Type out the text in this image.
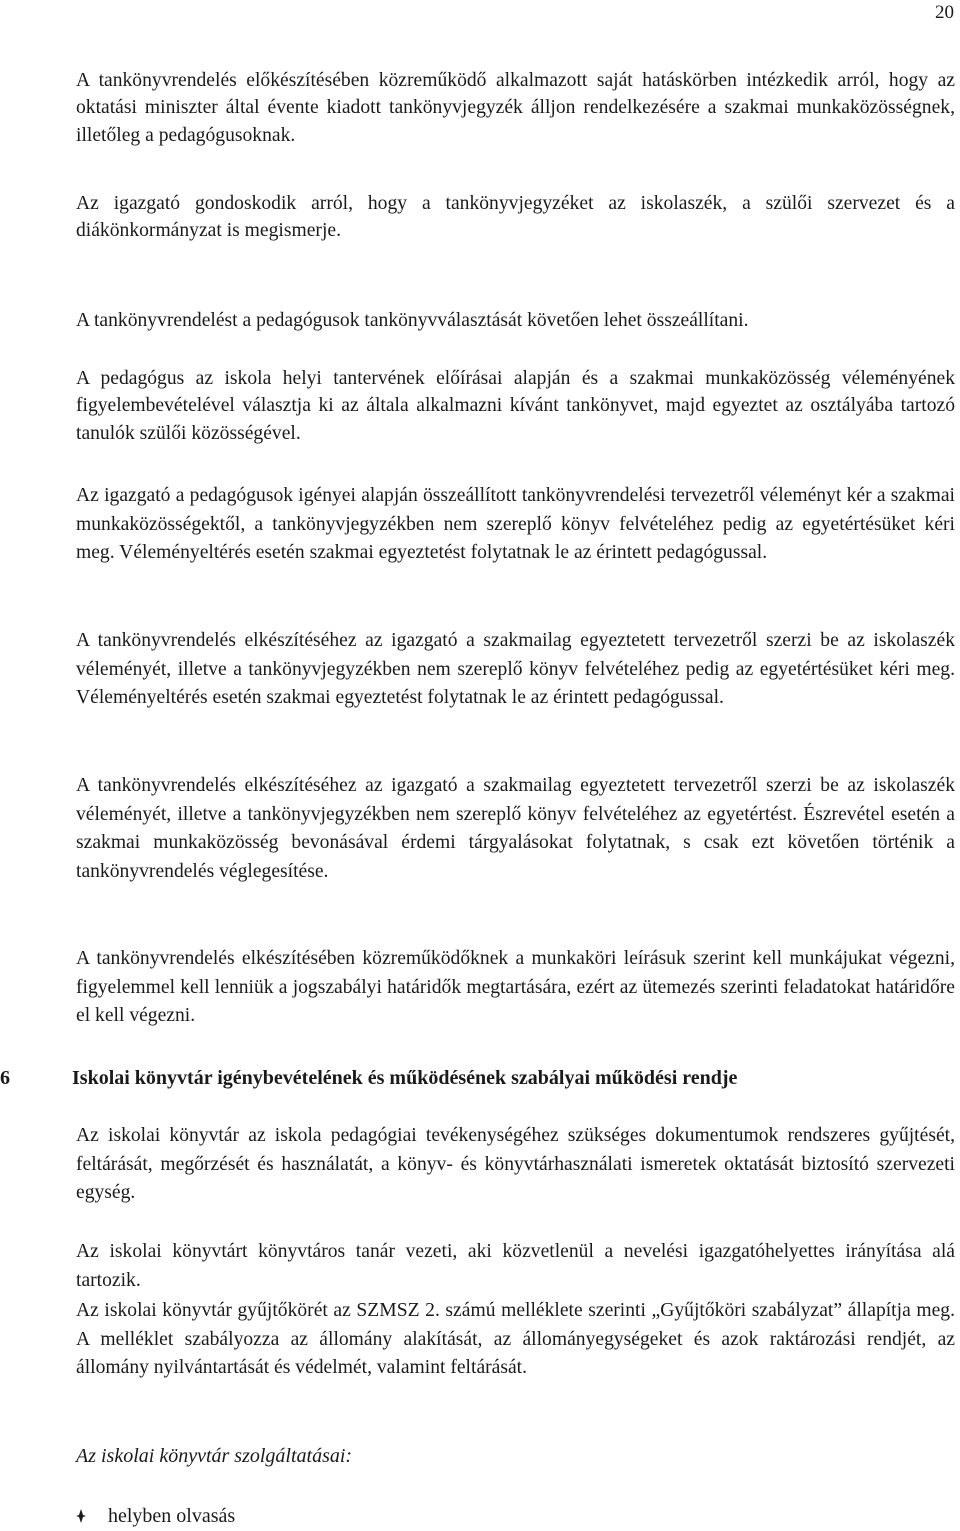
20

A tankönyvrendelés előkészítésében közreműködő alkalmazott saját hatáskörben intézkedik arról, hogy az oktatási miniszter által évente kiadott tankönyvjegyzék álljon rendelkezésére a szakmai munkaközösségnek, illetőleg a pedagógusoknak.

Az igazgató gondoskodik arról, hogy a tankönyvjegyzéket az iskolaszék, a szülői szervezet és a diákönkormányzat is megismerje.

A tankönyvrendelést a pedagógusok tankönyvválasztását követően lehet összeállítani.

A pedagógus az iskola helyi tantervének előírásai alapján és a szakmai munkaközösség véleményének figyelembevételével választja ki az általa alkalmazni kívánt tankönyvet, majd egyeztet az osztályába tartozó tanulók szülői közösségével.

Az igazgató a pedagógusok igényei alapján összeállított tankönyvrendelési tervezetről véleményt kér a szakmai munkaközösségektől, a tankönyvjegyzékben nem szereplő könyv felvételéhez pedig az egyetértésüket kéri meg. Véleményeltérés esetén szakmai egyeztetést folytatnak le az érintett pedagógussal.

A tankönyvrendelés elkészítéséhez az igazgató a szakmailag egyeztetett tervezetről szerzi be az iskolaszék véleményét, illetve a tankönyvjegyzékben nem szereplő könyv felvételéhez pedig az egyetértésüket kéri meg. Véleményeltérés esetén szakmai egyeztetést folytatnak le az érintett pedagógussal.

A tankönyvrendelés elkészítéséhez az igazgató a szakmailag egyeztetett tervezetről szerzi be az iskolaszék véleményét, illetve a tankönyvjegyzékben nem szereplő könyv felvételéhez az egyetértést. Észrevétel esetén a szakmai munkaközösség bevonásával érdemi tárgyalásokat folytatnak, s csak ezt követően történik a tankönyvrendelés véglegesítése.

A tankönyvrendelés elkészítésében közreműködőknek a munkaköri leírásuk szerint kell munkájukat végezni, figyelemmel kell lenniük a jogszabályi határidők megtartására, ezért az ütemezés szerinti feladatokat határidőre el kell végezni.

6	Iskolai könyvtár igénybevételének és működésének szabályai működési rendje

Az iskolai könyvtár az iskola pedagógiai tevékenységéhez szükséges dokumentumok rendszeres gyűjtését, feltárását, megőrzését és használatát, a könyv- és könyvtárhasználati ismeretek oktatását biztosító szervezeti egység.

Az iskolai könyvtárt könyvtáros tanár vezeti, aki közvetlenül a nevelési igazgatóhelyettes irányítása alá tartozik.

Az iskolai könyvtár gyűjtőkörét az SZMSZ 2. számú melléklete szerinti „Gyűjtőköri szabályzat” állapítja meg. A melléklet szabályozza az állomány alakítását, az állományegységeket és azok raktározási rendjét, az állomány nyilvántartását és védelmét, valamint feltárását.

Az iskolai könyvtár szolgáltatásai:
helyben olvasás
